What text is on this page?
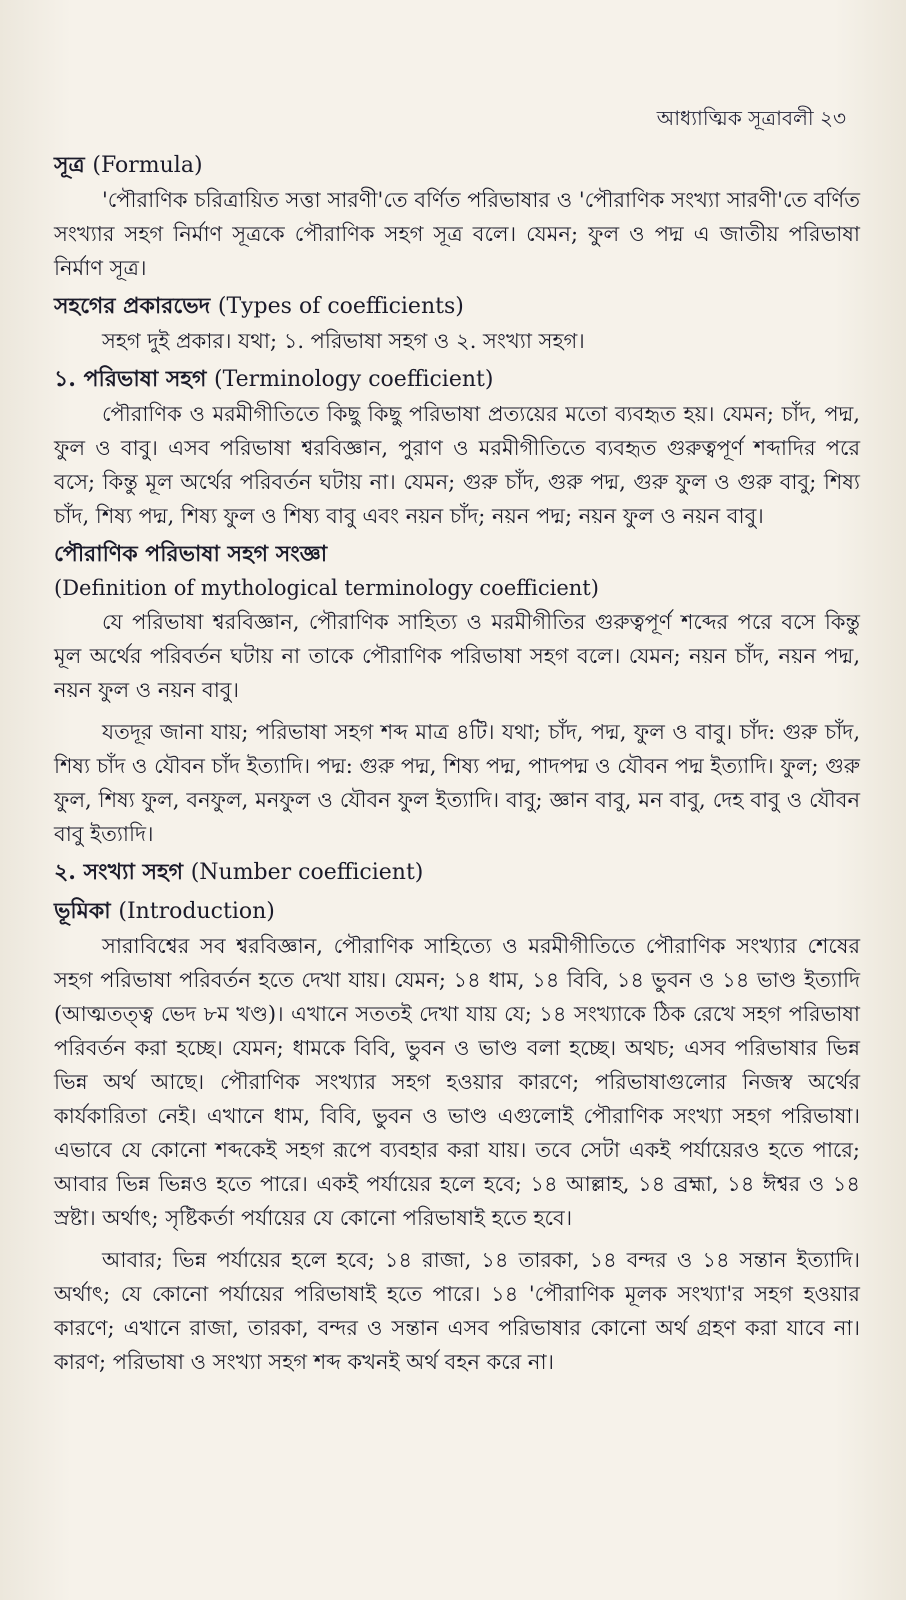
আধ্যাত্মিক সূত্রাবলী ২৩
সূত্র (Formula)

'পৌরাণিক চরিত্রায়িত সত্তা সারণী'তে বর্ণিত পরিভাষার ও 'পৌরাণিক সংখ্যা সারণী'তে বর্ণিত সংখ্যার সহগ নির্মাণ সূত্রকে পৌরাণিক সহগ সূত্র বলে। যেমন; ফুল ও পদ্ম এ জাতীয় পরিভাষা নির্মাণ সূত্র।

সহগের প্রকারভেদ (Types of coefficients)

সহগ দুই প্রকার। যথা; ১. পরিভাষা সহগ ও ২. সংখ্যা সহগ।

১. পরিভাষা সহগ (Terminology coefficient)

পৌরাণিক ও মরমীগীতিতে কিছু কিছু পরিভাষা প্রত্যয়ের মতো ব্যবহৃত হয়। যেমন; চাঁদ, পদ্ম, ফুল ও বাবু। এসব পরিভাষা শ্বরবিজ্ঞান, পুরাণ ও মরমীগীতিতে ব্যবহৃত গুরুত্বপূর্ণ শব্দাদির পরে বসে; কিন্তু মূল অর্থের পরিবর্তন ঘটায় না। যেমন; গুরু চাঁদ, গুরু পদ্ম, গুরু ফুল ও গুরু বাবু; শিষ্য চাঁদ, শিষ্য পদ্ম, শিষ্য ফুল ও শিষ্য বাবু এবং নয়ন চাঁদ; নয়ন পদ্ম; নয়ন ফুল ও নয়ন বাবু।

পৌরাণিক পরিভাষা সহগ সংজ্ঞা
(Definition of mythological terminology coefficient)

যে পরিভাষা শ্বরবিজ্ঞান, পৌরাণিক সাহিত্য ও মরমীগীতির গুরুত্বপূর্ণ শব্দের পরে বসে কিন্তু মূল অর্থের পরিবর্তন ঘটায় না তাকে পৌরাণিক পরিভাষা সহগ বলে। যেমন; নয়ন চাঁদ, নয়ন পদ্ম, নয়ন ফুল ও নয়ন বাবু।

যতদূর জানা যায়; পরিভাষা সহগ শব্দ মাত্র ৪টি। যথা; চাঁদ, পদ্ম, ফুল ও বাবু। চাঁদ: গুরু চাঁদ, শিষ্য চাঁদ ও যৌবন চাঁদ ইত্যাদি। পদ্ম: গুরু পদ্ম, শিষ্য পদ্ম, পাদপদ্ম ও যৌবন পদ্ম ইত্যাদি। ফুল; গুরু ফুল, শিষ্য ফুল, বনফুল, মনফুল ও যৌবন ফুল ইত্যাদি। বাবু; জ্ঞান বাবু, মন বাবু, দেহ বাবু ও যৌবন বাবু ইত্যাদি।

২. সংখ্যা সহগ (Number coefficient)
ভূমিকা (Introduction)

সারাবিশ্বের সব শ্বরবিজ্ঞান, পৌরাণিক সাহিত্যে ও মরমীগীতিতে পৌরাণিক সংখ্যার শেষের সহগ পরিভাষা পরিবর্তন হতে দেখা যায়। যেমন; ১৪ ধাম, ১৪ বিবি, ১৪ ভুবন ও ১৪ ভাণ্ড ইত্যাদি (আত্মতত্ত্ব ভেদ ৮ম খণ্ড)। এখানে সততই দেখা যায় যে; ১৪ সংখ্যাকে ঠিক রেখে সহগ পরিভাষা পরিবর্তন করা হচ্ছে। যেমন; ধামকে বিবি, ভুবন ও ভাণ্ড বলা হচ্ছে। অথচ; এসব পরিভাষার ভিন্ন ভিন্ন অর্থ আছে। পৌরাণিক সংখ্যার সহগ হওয়ার কারণে; পরিভাষাগুলোর নিজস্ব অর্থের কার্যকারিতা নেই। এখানে ধাম, বিবি, ভুবন ও ভাণ্ড এগুলোই পৌরাণিক সংখ্যা সহগ পরিভাষা। এভাবে যে কোনো শব্দকেই সহগ রূপে ব্যবহার করা যায়। তবে সেটা একই পর্যায়েরও হতে পারে; আবার ভিন্ন ভিন্নও হতে পারে। একই পর্যায়ের হলে হবে; ১৪ আল্লাহ, ১৪ ব্রহ্মা, ১৪ ঈশ্বর ও ১৪ স্রষ্টা। অর্থাৎ; সৃষ্টিকর্তা পর্যায়ের যে কোনো পরিভাষাই হতে হবে।

আবার; ভিন্ন পর্যায়ের হলে হবে; ১৪ রাজা, ১৪ তারকা, ১৪ বন্দর ও ১৪ সন্তান ইত্যাদি। অর্থাৎ; যে কোনো পর্যায়ের পরিভাষাই হতে পারে। ১৪ 'পৌরাণিক মূলক সংখ্যা'র সহগ হওয়ার কারণে; এখানে রাজা, তারকা, বন্দর ও সন্তান এসব পরিভাষার কোনো অর্থ গ্রহণ করা যাবে না। কারণ; পরিভাষা ও সংখ্যা সহগ শব্দ কখনই অর্থ বহন করে না।
